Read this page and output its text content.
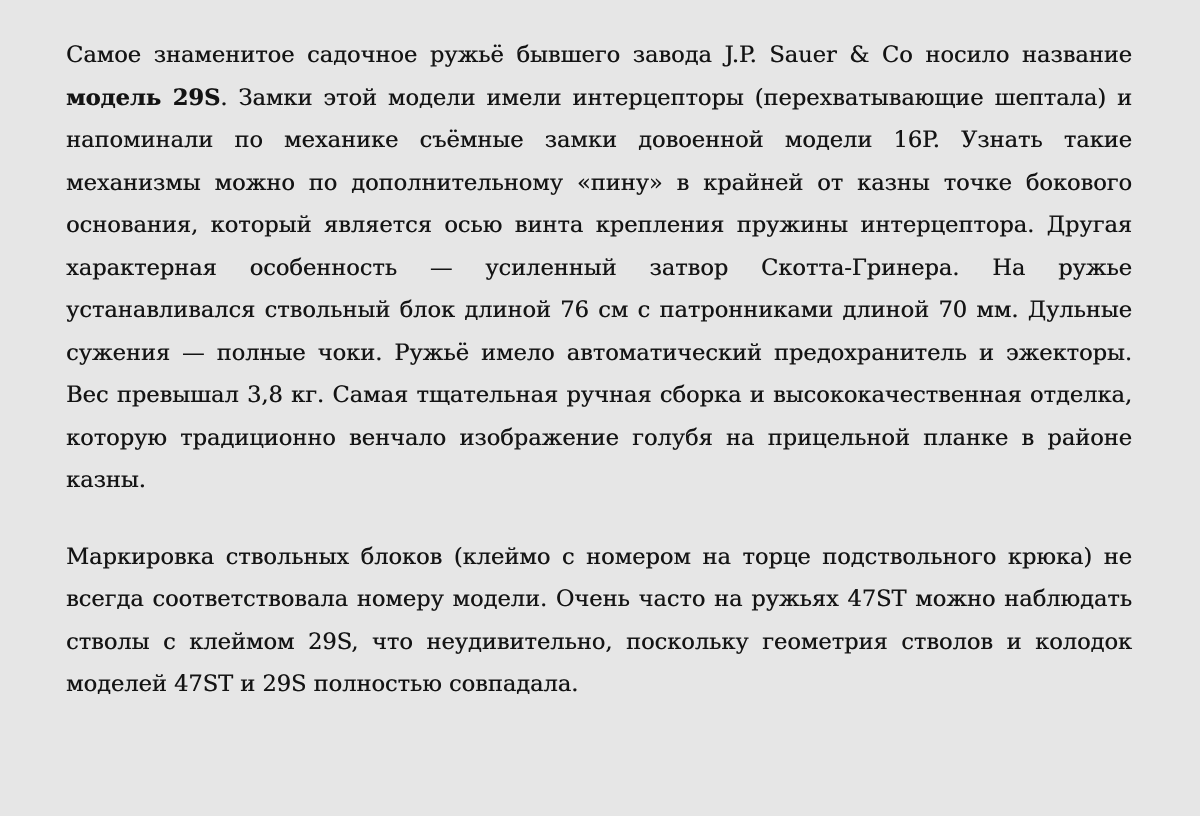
Самое знаменитое садочное ружьё бывшего завода J.P. Sauer & Co носило название модель 29S. Замки этой модели имели интерцепторы (перехватывающие шептала) и напоминали по механике съёмные замки довоенной модели 16P. Узнать такие механизмы можно по дополнительному «пину» в крайней от казны точке бокового основания, который является осью винта крепления пружины интерцептора. Другая характерная особенность — усиленный затвор Скотта-Гринера. На ружье устанавливался ствольный блок длиной 76 см с патронниками длиной 70 мм. Дульные сужения — полные чоки. Ружьё имело автоматический предохранитель и эжекторы. Вес превышал 3,8 кг. Самая тщательная ручная сборка и высококачественная отделка, которую традиционно венчало изображение голубя на прицельной планке в районе казны.

Маркировка ствольных блоков (клеймо с номером на торце подствольного крюка) не всегда соответствовала номеру модели. Очень часто на ружьях 47ST можно наблюдать стволы с клеймом 29S, что неудивительно, поскольку геометрия стволов и колодок моделей 47ST и 29S полностью совпадала.
